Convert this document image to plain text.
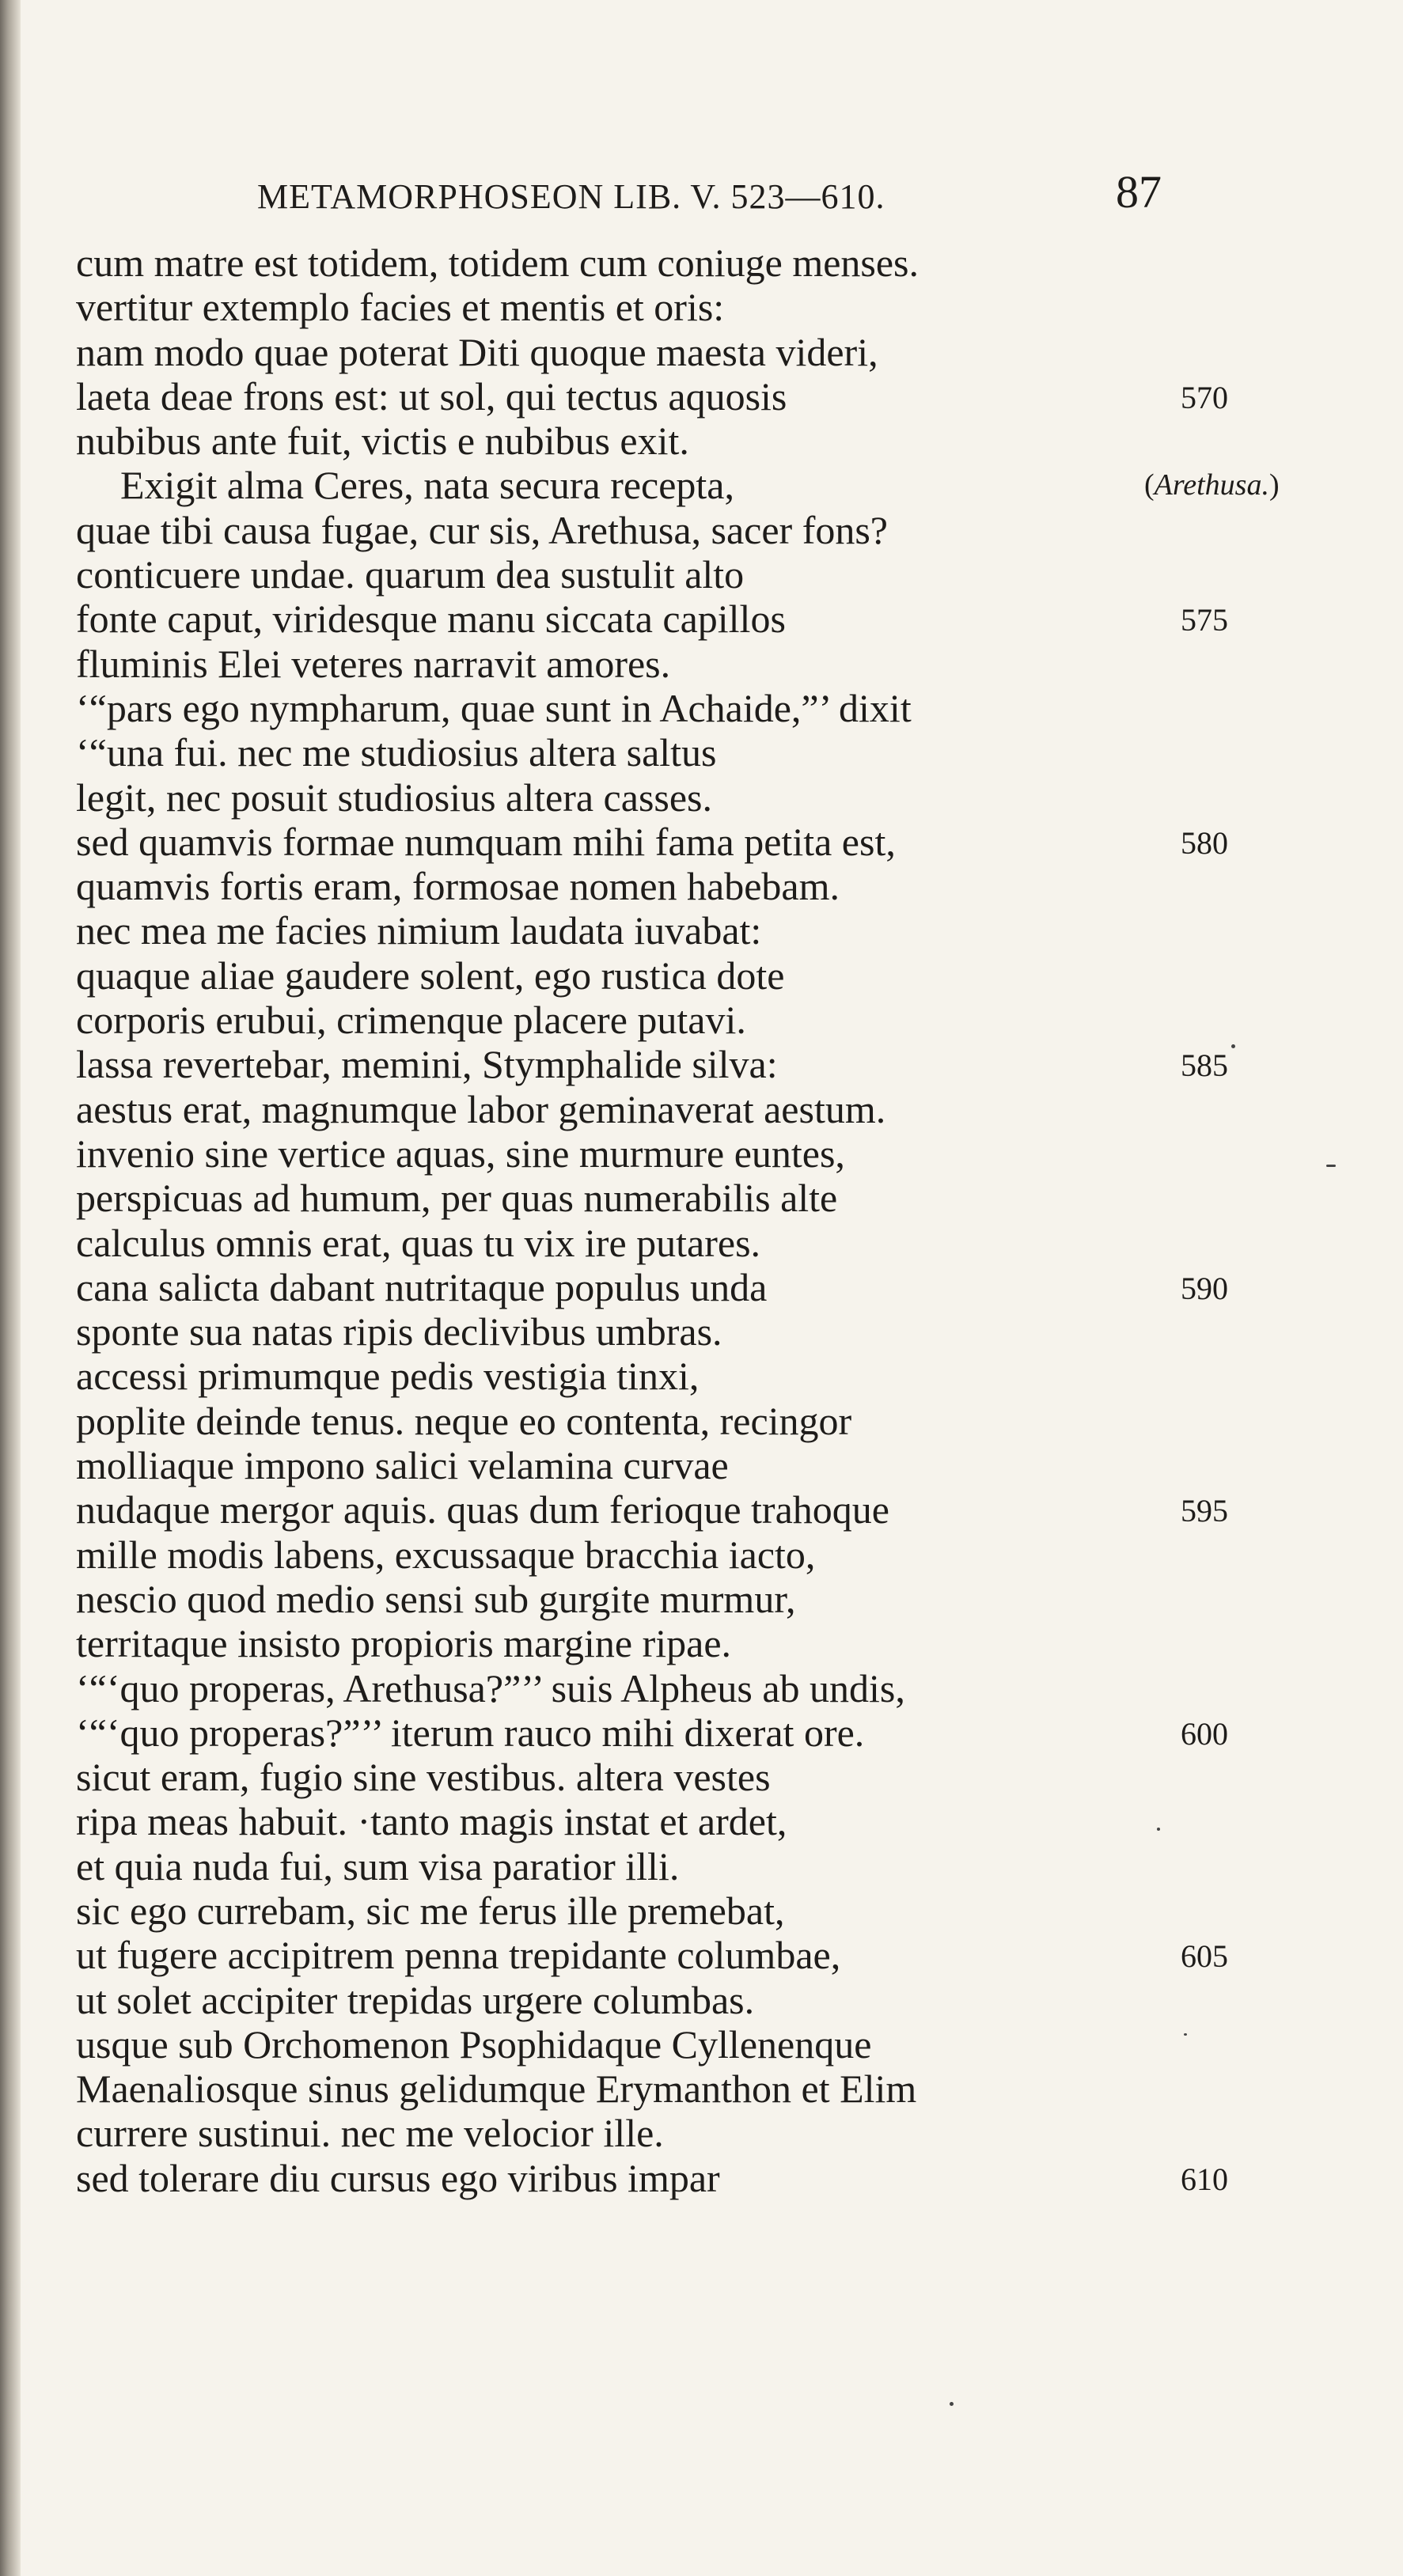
METAMORPHOSEON LIB. V. 523—610.	87
cum matre est totidem, totidem cum coniuge menses.
vertitur extemplo facies et mentis et oris:
nam modo quae poterat Diti quoque maesta videri,
laeta deae frons est: ut sol, qui tectus aquosis	570
nubibus ante fuit, victis e nubibus exit.
Exigit alma Ceres, nata secura recepta,	(Arethusa.)
quae tibi causa fugae, cur sis, Arethusa, sacer fons?
conticuere undae. quarum dea sustulit alto
fonte caput, viridesque manu siccata capillos	575
fluminis Elei veteres narravit amores.
‘“pars ego nympharum, quae sunt in Achaide,”’ dixit
‘“una fui. nec me studiosius altera saltus
legit, nec posuit studiosius altera casses.
sed quamvis formae numquam mihi fama petita est,	580
quamvis fortis eram, formosae nomen habebam.
nec mea me facies nimium laudata iuvabat:
quaque aliae gaudere solent, ego rustica dote
corporis erubui, crimenque placere putavi.
lassa revertebar, memini, Stymphalide silva:	585
aestus erat, magnumque labor geminaverat aestum.
invenio sine vertice aquas, sine murmure euntes,
perspicuas ad humum, per quas numerabilis alte
calculus omnis erat, quas tu vix ire putares.
cana salicta dabant nutritaque populus unda	590
sponte sua natas ripis declivibus umbras.
accessi primumque pedis vestigia tinxi,
poplite deinde tenus. neque eo contenta, recingor
molliaque impono salici velamina curvae
nudaque mergor aquis. quas dum ferioque trahoque	595
mille modis labens, excussaque bracchia iacto,
nescio quod medio sensi sub gurgite murmur,
territaque insisto propioris margine ripae.
‘“‘quo properas, Arethusa?”’’ suis Alpheus ab undis,
‘“‘quo properas?”’’ iterum rauco mihi dixerat ore.	600
sicut eram, fugio sine vestibus. altera vestes
ripa meas habuit. ·tanto magis instat et ardet,
et quia nuda fui, sum visa paratior illi.
sic ego currebam, sic me ferus ille premebat,
ut fugere accipitrem penna trepidante columbae,	605
ut solet accipiter trepidas urgere columbas.
usque sub Orchomenon Psophidaque Cyllenenque
Maenaliosque sinus gelidumque Erymanthon et Elim
currere sustinui. nec me velocior ille.
sed tolerare diu cursus ego viribus impar	610
